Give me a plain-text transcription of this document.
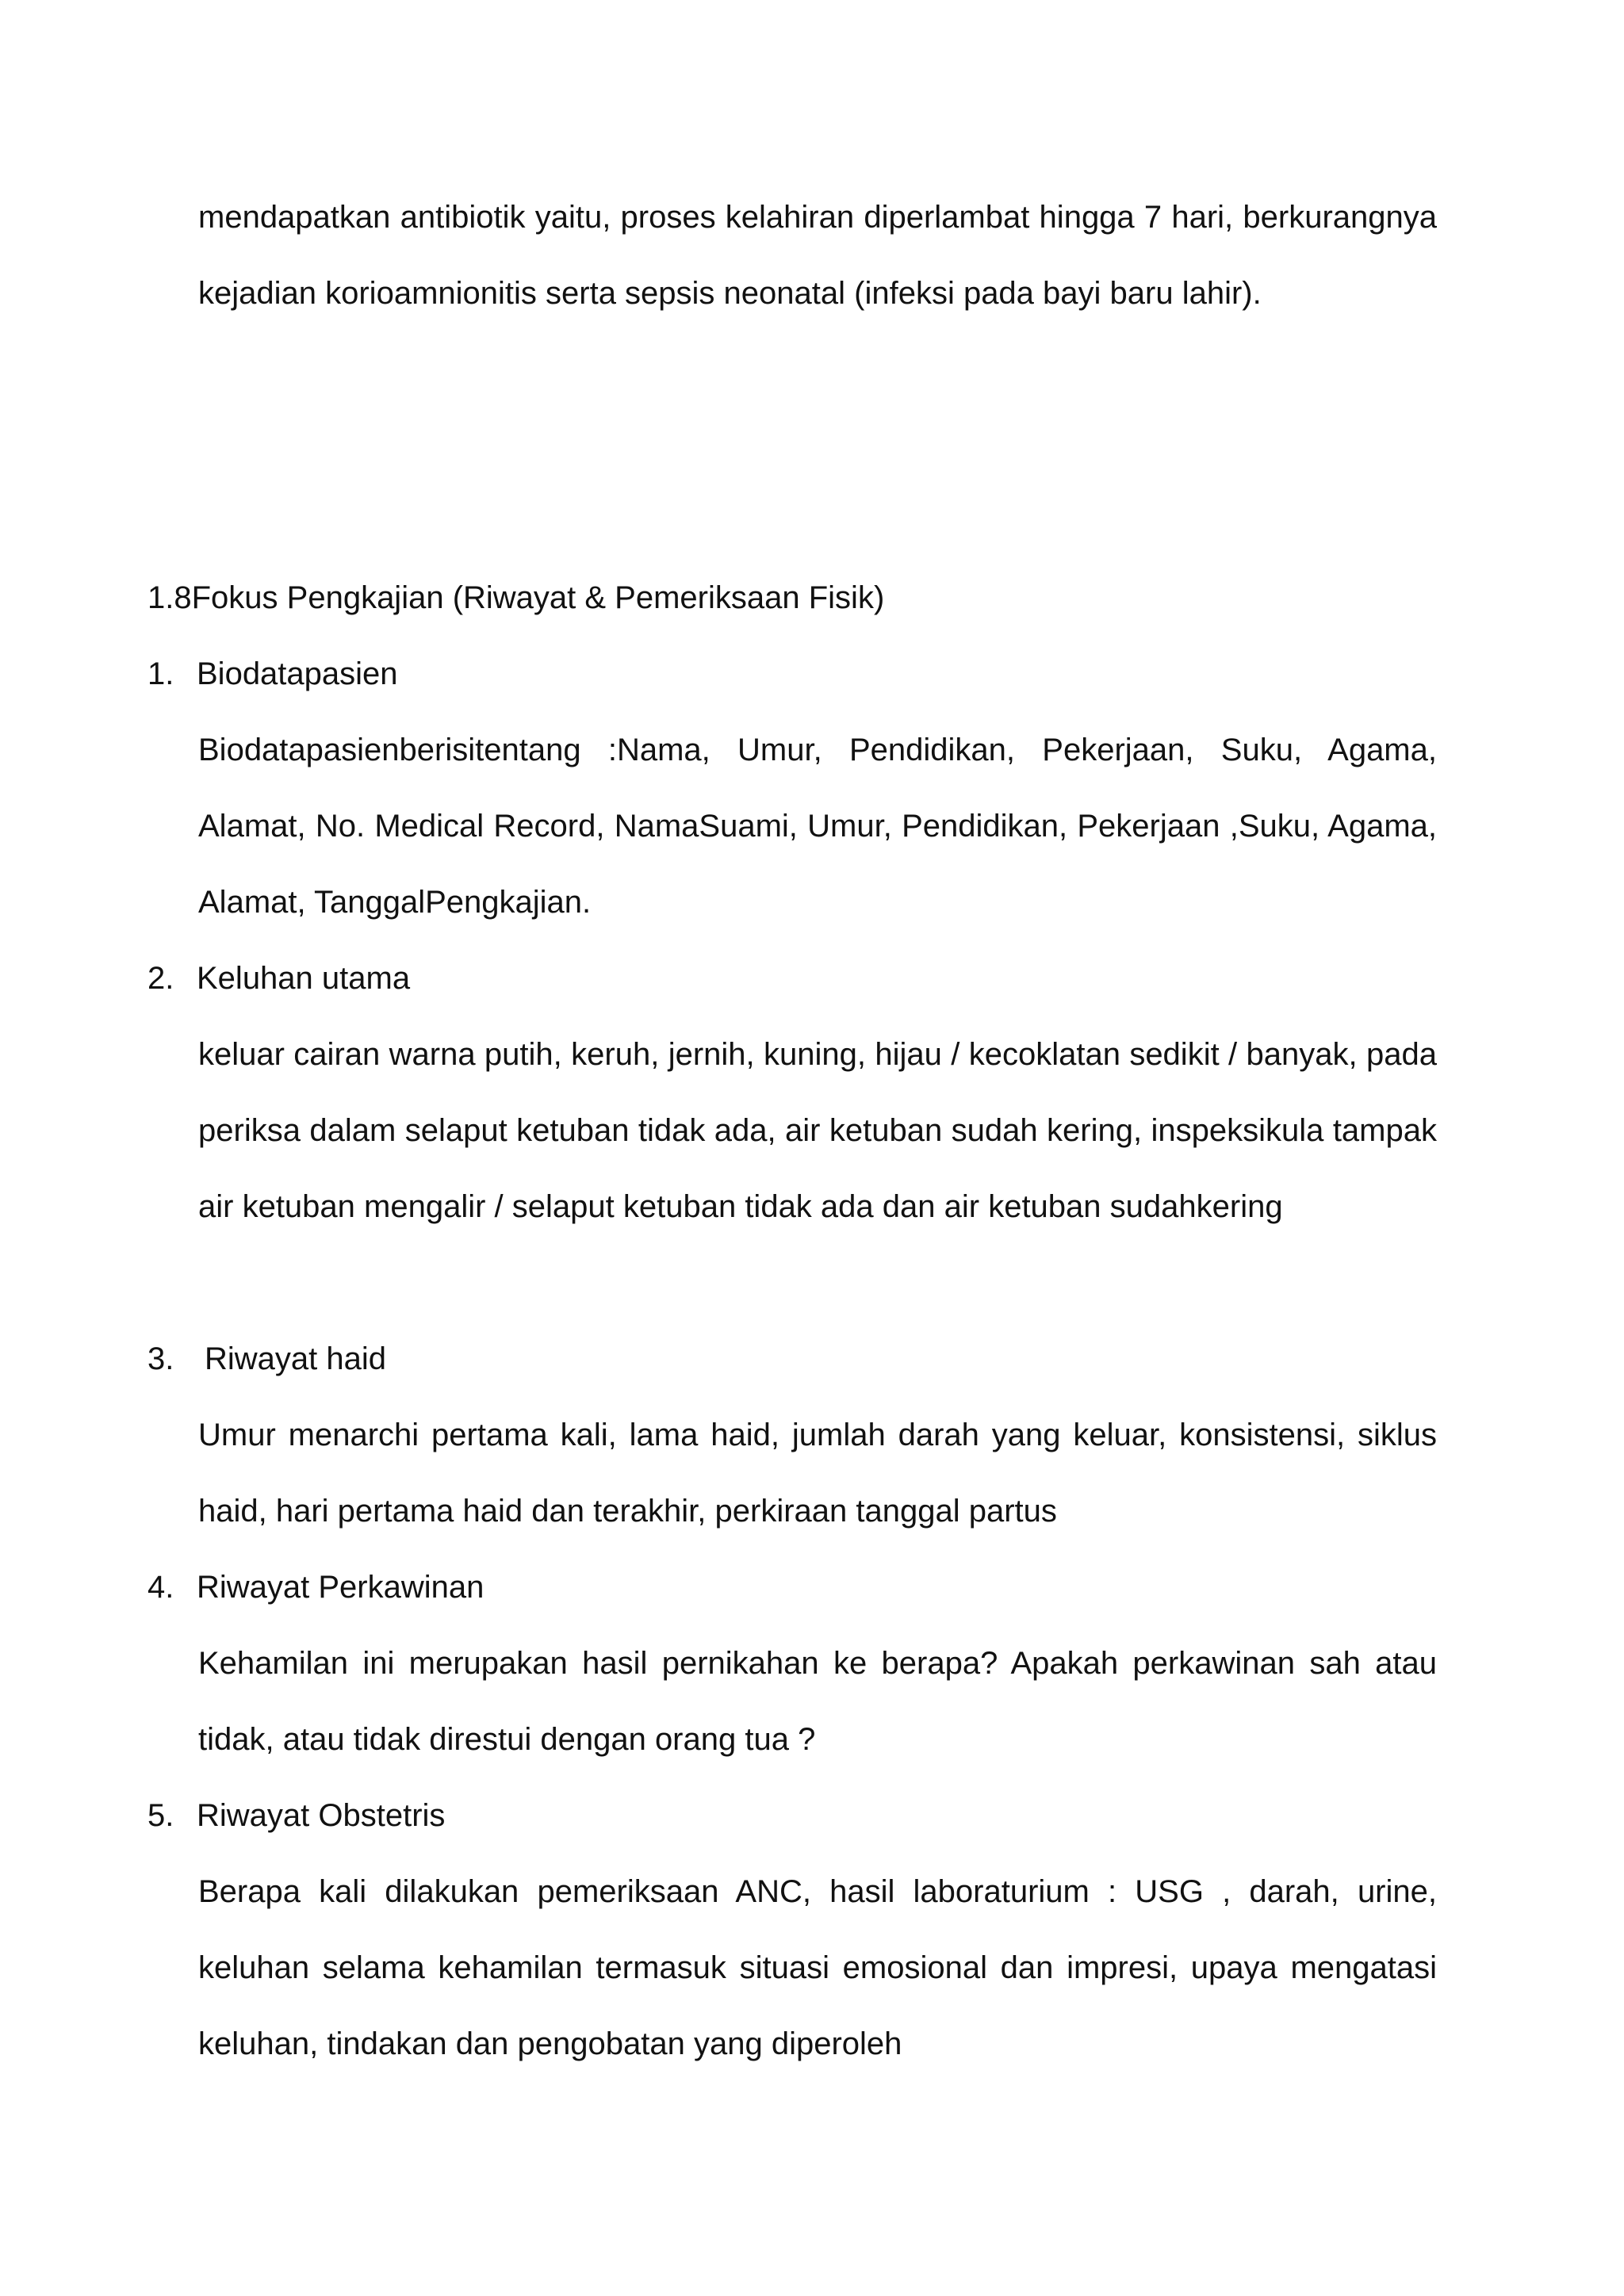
mendapatkan antibiotik yaitu, proses kelahiran diperlambat hingga 7 hari, berkurangnya kejadian korioamnionitis serta sepsis neonatal (infeksi pada bayi baru lahir).

1.8Fokus Pengkajian (Riwayat & Pemeriksaan Fisik)

1. Biodatapasien

Biodatapasienberisitentang :Nama, Umur, Pendidikan, Pekerjaan, Suku, Agama, Alamat, No. Medical Record, NamaSuami, Umur, Pendidikan, Pekerjaan ,Suku, Agama, Alamat, TanggalPengkajian.

2. Keluhan utama

keluar cairan warna putih, keruh, jernih, kuning, hijau / kecoklatan sedikit / banyak, pada periksa dalam selaput ketuban tidak ada, air ketuban sudah kering, inspeksikula tampak air ketuban mengalir / selaput ketuban tidak ada dan air ketuban sudahkering

3. Riwayat haid

Umur menarchi pertama kali, lama haid, jumlah darah yang keluar, konsistensi, siklus haid, hari pertama haid dan terakhir, perkiraan tanggal partus

4. Riwayat Perkawinan

Kehamilan ini merupakan hasil pernikahan ke berapa? Apakah perkawinan sah atau tidak, atau tidak direstui dengan orang tua ?

5. Riwayat Obstetris

Berapa kali dilakukan pemeriksaan ANC, hasil laboraturium : USG , darah, urine, keluhan selama kehamilan termasuk situasi emosional dan impresi, upaya mengatasi keluhan, tindakan dan pengobatan yang diperoleh
